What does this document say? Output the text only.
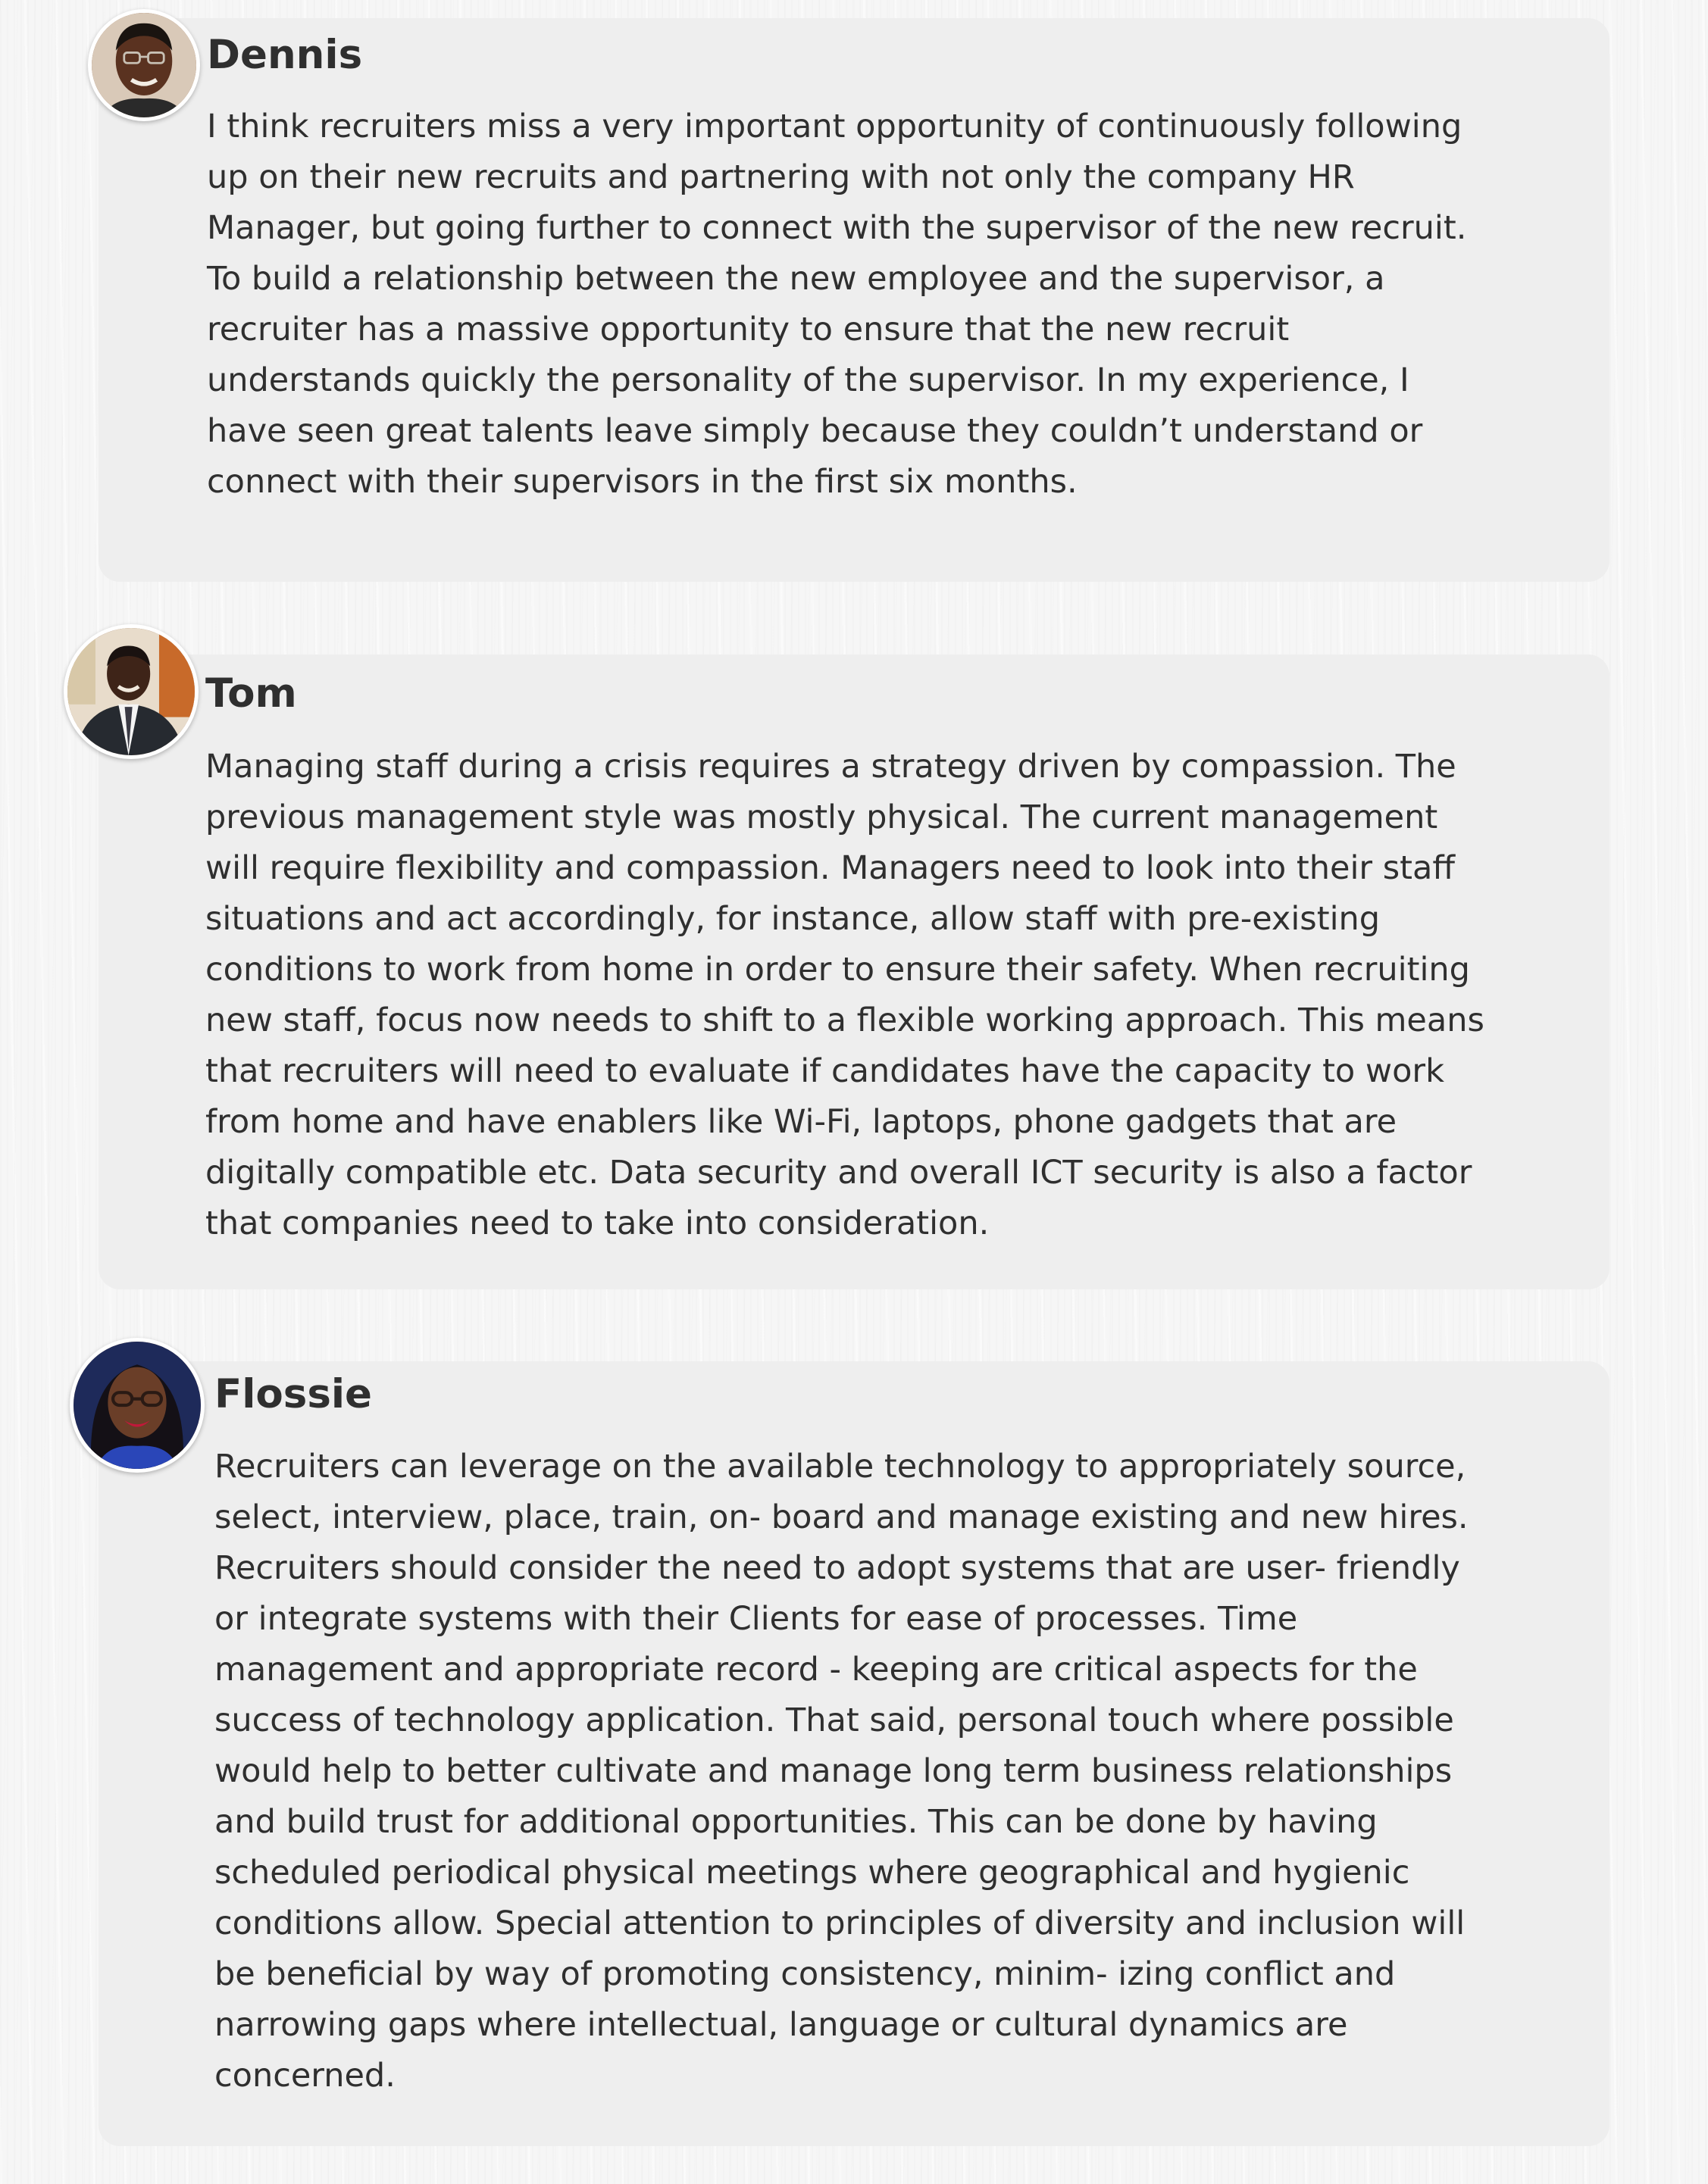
Dennis

I think recruiters miss a very important opportunity of continuously following
up on their new recruits and partnering with not only the company HR
Manager, but going further to connect with the supervisor of the new recruit.
To build a relationship between the new employee and the supervisor, a
recruiter has a massive opportunity to ensure that the new recruit
understands quickly the personality of the supervisor. In my experience, I
have seen great talents leave simply because they couldn’t understand or
connect with their supervisors in the first six months.

Tom

Managing staff during a crisis requires a strategy driven by compassion. The
previous management style was mostly physical. The current management
will require flexibility and compassion. Managers need to look into their staff
situations and act accordingly, for instance, allow staff with pre-existing
conditions to work from home in order to ensure their safety. When recruiting
new staff, focus now needs to shift to a flexible working approach. This means
that recruiters will need to evaluate if candidates have the capacity to work
from home and have enablers like Wi-Fi, laptops, phone gadgets that are
digitally compatible etc. Data security and overall ICT security is also a factor
that companies need to take into consideration.

Flossie

Recruiters can leverage on the available technology to appropriately source,
select, interview, place, train, on- board and manage existing and new hires.
Recruiters should consider the need to adopt systems that are user- friendly
or integrate systems with their Clients for ease of processes. Time
management and appropriate record - keeping are critical aspects for the
success of technology application. That said, personal touch where possible
would help to better cultivate and manage long term business relationships
and build trust for additional opportunities. This can be done by having
scheduled periodical physical meetings where geographical and hygienic
conditions allow. Special attention to principles of diversity and inclusion will
be beneficial by way of promoting consistency, minim- izing conflict and
narrowing gaps where intellectual, language or cultural dynamics are
concerned.
